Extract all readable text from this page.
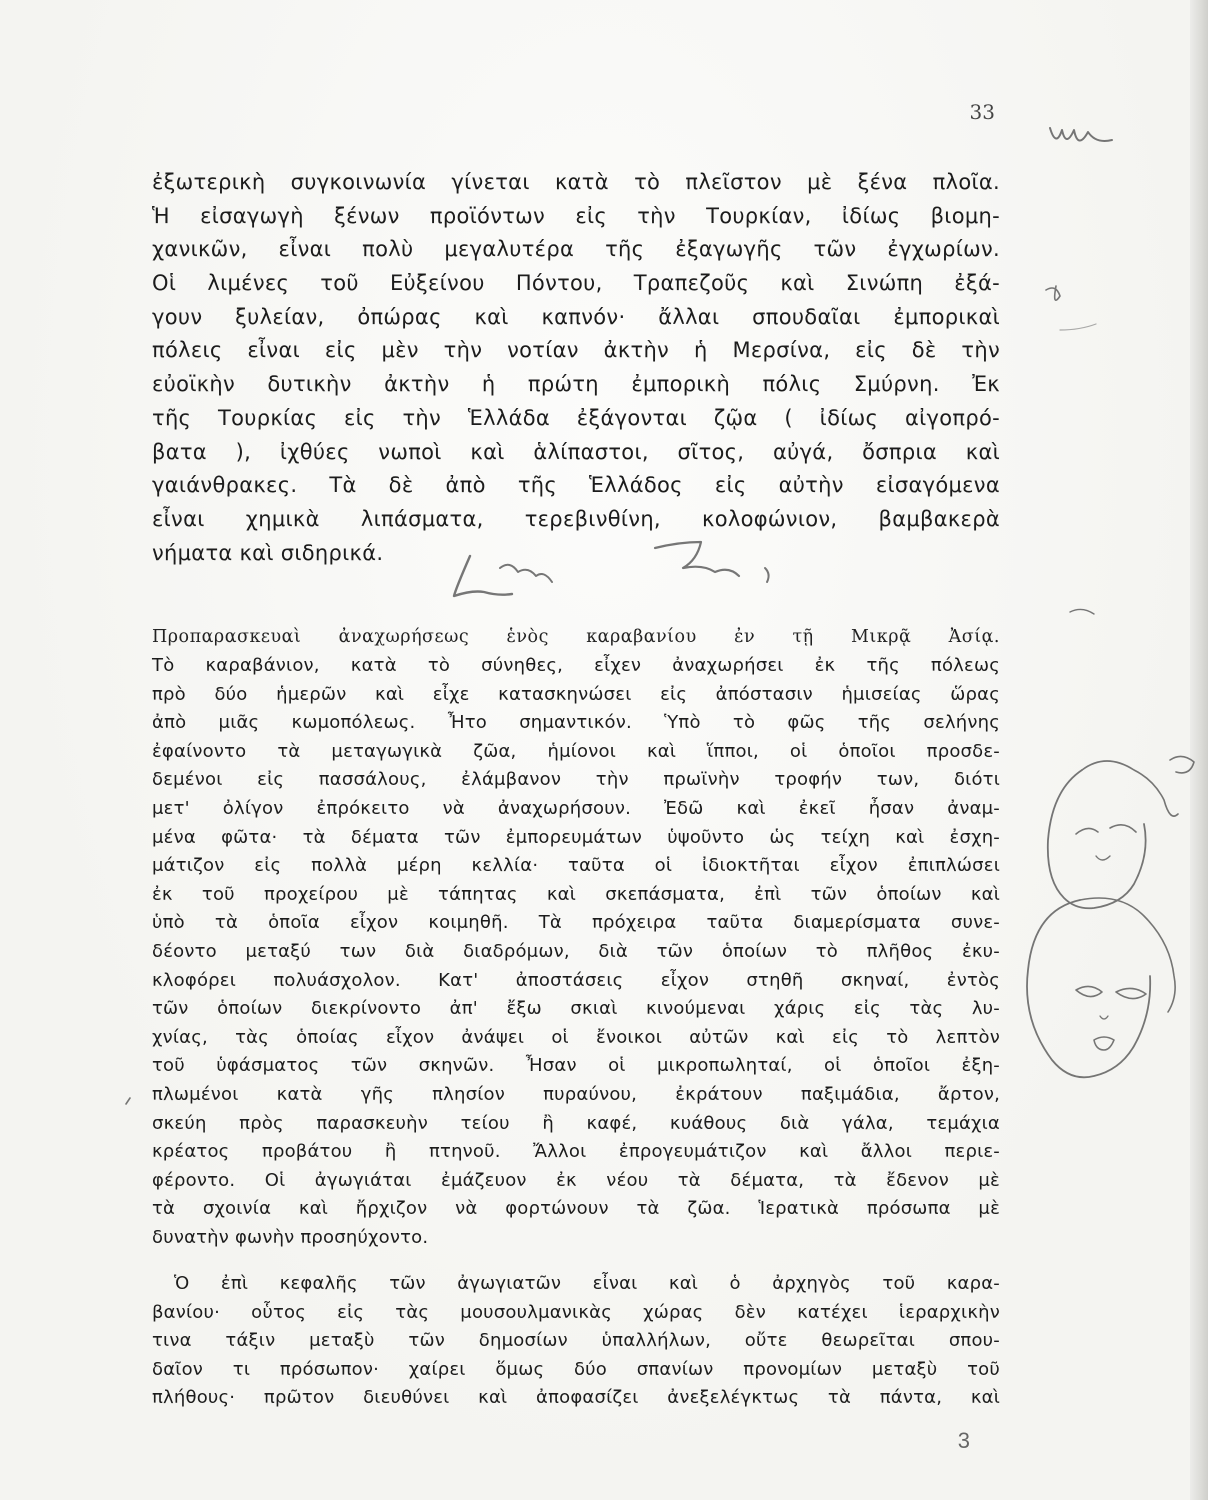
33
ἐξωτερικὴ συγκοινωνία γίνεται κατὰ τὸ πλεῖστον μὲ ξένα πλοῖα.
Ἡ εἰσαγωγὴ ξένων προϊόντων εἰς τὴν Τουρκίαν, ἰδίως βιομη-
χανικῶν, εἶναι πολὺ μεγαλυτέρα τῆς ἐξαγωγῆς τῶν ἐγχωρίων.
Οἱ λιμένες τοῦ Εὐξείνου Πόντου, Τραπεζοῦς καὶ Σινώπη ἐξά-
γουν ξυλείαν, ὀπώρας καὶ καπνόν· ἄλλαι σπουδαῖαι ἐμπορικαὶ
πόλεις εἶναι εἰς μὲν τὴν νοτίαν ἀκτὴν ἡ Μερσίνα, εἰς δὲ τὴν
εὐοϊκὴν δυτικὴν ἀκτὴν ἡ πρώτη ἐμπορικὴ πόλις Σμύρνη. Ἐκ
τῆς Τουρκίας εἰς τὴν Ἑλλάδα ἐξάγονται ζῷα ( ἰδίως αἰγοπρό-
βατα ), ἰχθύες νωποὶ καὶ ἁλίπαστοι, σῖτος, αὐγά, ὄσπρια καὶ
γαιάνθρακες. Τὰ δὲ ἀπὸ τῆς Ἑλλάδος εἰς αὐτὴν εἰσαγόμενα
εἶναι χημικὰ λιπάσματα, τερεβινθίνη, κολοφώνιον, βαμβακερὰ
νήματα καὶ σιδηρικά.
Προπαρασκευαὶ ἀναχωρήσεως ἑνὸς καραβανίου ἐν τῇ Μικρᾷ Ἀσίᾳ.
Τὸ καραβάνιον, κατὰ τὸ σύνηθες, εἶχεν ἀναχωρήσει ἐκ τῆς πόλεως
πρὸ δύο ἡμερῶν καὶ εἶχε κατασκηνώσει εἰς ἀπόστασιν ἡμισείας ὥρας
ἀπὸ μιᾶς κωμοπόλεως. Ἦτο σημαντικόν. Ὑπὸ τὸ φῶς τῆς σελήνης
ἐφαίνοντο τὰ μεταγωγικὰ ζῶα, ἡμίονοι καὶ ἵπποι, οἱ ὁποῖοι προσδε-
δεμένοι εἰς πασσάλους, ἐλάμβανον τὴν πρωϊνὴν τροφήν των, διότι
μετ' ὀλίγον ἐπρόκειτο νὰ ἀναχωρήσουν. Ἐδῶ καὶ ἐκεῖ ἦσαν ἀναμ-
μένα φῶτα· τὰ δέματα τῶν ἐμπορευμάτων ὑψοῦντο ὡς τείχη καὶ ἐσχη-
μάτιζον εἰς πολλὰ μέρη κελλία· ταῦτα οἱ ἰδιοκτῆται εἶχον ἐπιπλώσει
ἐκ τοῦ προχείρου μὲ τάπητας καὶ σκεπάσματα, ἐπὶ τῶν ὁποίων καὶ
ὑπὸ τὰ ὁποῖα εἶχον κοιμηθῆ. Τὰ πρόχειρα ταῦτα διαμερίσματα συνε-
δέοντο μεταξύ των διὰ διαδρόμων, διὰ τῶν ὁποίων τὸ πλῆθος ἐκυ-
κλοφόρει πολυάσχολον. Κατ' ἀποστάσεις εἶχον στηθῆ σκηναί, ἐντὸς
τῶν ὁποίων διεκρίνοντο ἀπ' ἔξω σκιαὶ κινούμεναι χάρις εἰς τὰς λυ-
χνίας, τὰς ὁποίας εἶχον ἀνάψει οἱ ἔνοικοι αὐτῶν καὶ εἰς τὸ λεπτὸν
τοῦ ὑφάσματος τῶν σκηνῶν. Ἦσαν οἱ μικροπωληταί, οἱ ὁποῖοι ἐξη-
πλωμένοι κατὰ γῆς πλησίον πυραύνου, ἐκράτουν παξιμάδια, ἄρτον,
σκεύη πρὸς παρασκευὴν τείου ἢ καφέ, κυάθους διὰ γάλα, τεμάχια
κρέατος προβάτου ἢ πτηνοῦ. Ἄλλοι ἐπρογευμάτιζον καὶ ἄλλοι περιε-
φέροντο. Οἱ ἀγωγιάται ἐμάζευον ἐκ νέου τὰ δέματα, τὰ ἔδενον μὲ
τὰ σχοινία καὶ ἤρχιζον νὰ φορτώνουν τὰ ζῶα. Ἱερατικὰ πρόσωπα μὲ
δυνατὴν φωνὴν προσηύχοντο.
Ὁ ἐπὶ κεφαλῆς τῶν ἀγωγιατῶν εἶναι καὶ ὁ ἀρχηγὸς τοῦ καρα-
βανίου· οὗτος εἰς τὰς μουσουλμανικὰς χώρας δὲν κατέχει ἱεραρχικὴν
τινα τάξιν μεταξὺ τῶν δημοσίων ὑπαλλήλων, οὔτε θεωρεῖται σπου-
δαῖον τι πρόσωπον· χαίρει ὅμως δύο σπανίων προνομίων μεταξὺ τοῦ
πλήθους· πρῶτον διευθύνει καὶ ἀποφασίζει ἀνεξελέγκτως τὰ πάντα, καὶ
3
